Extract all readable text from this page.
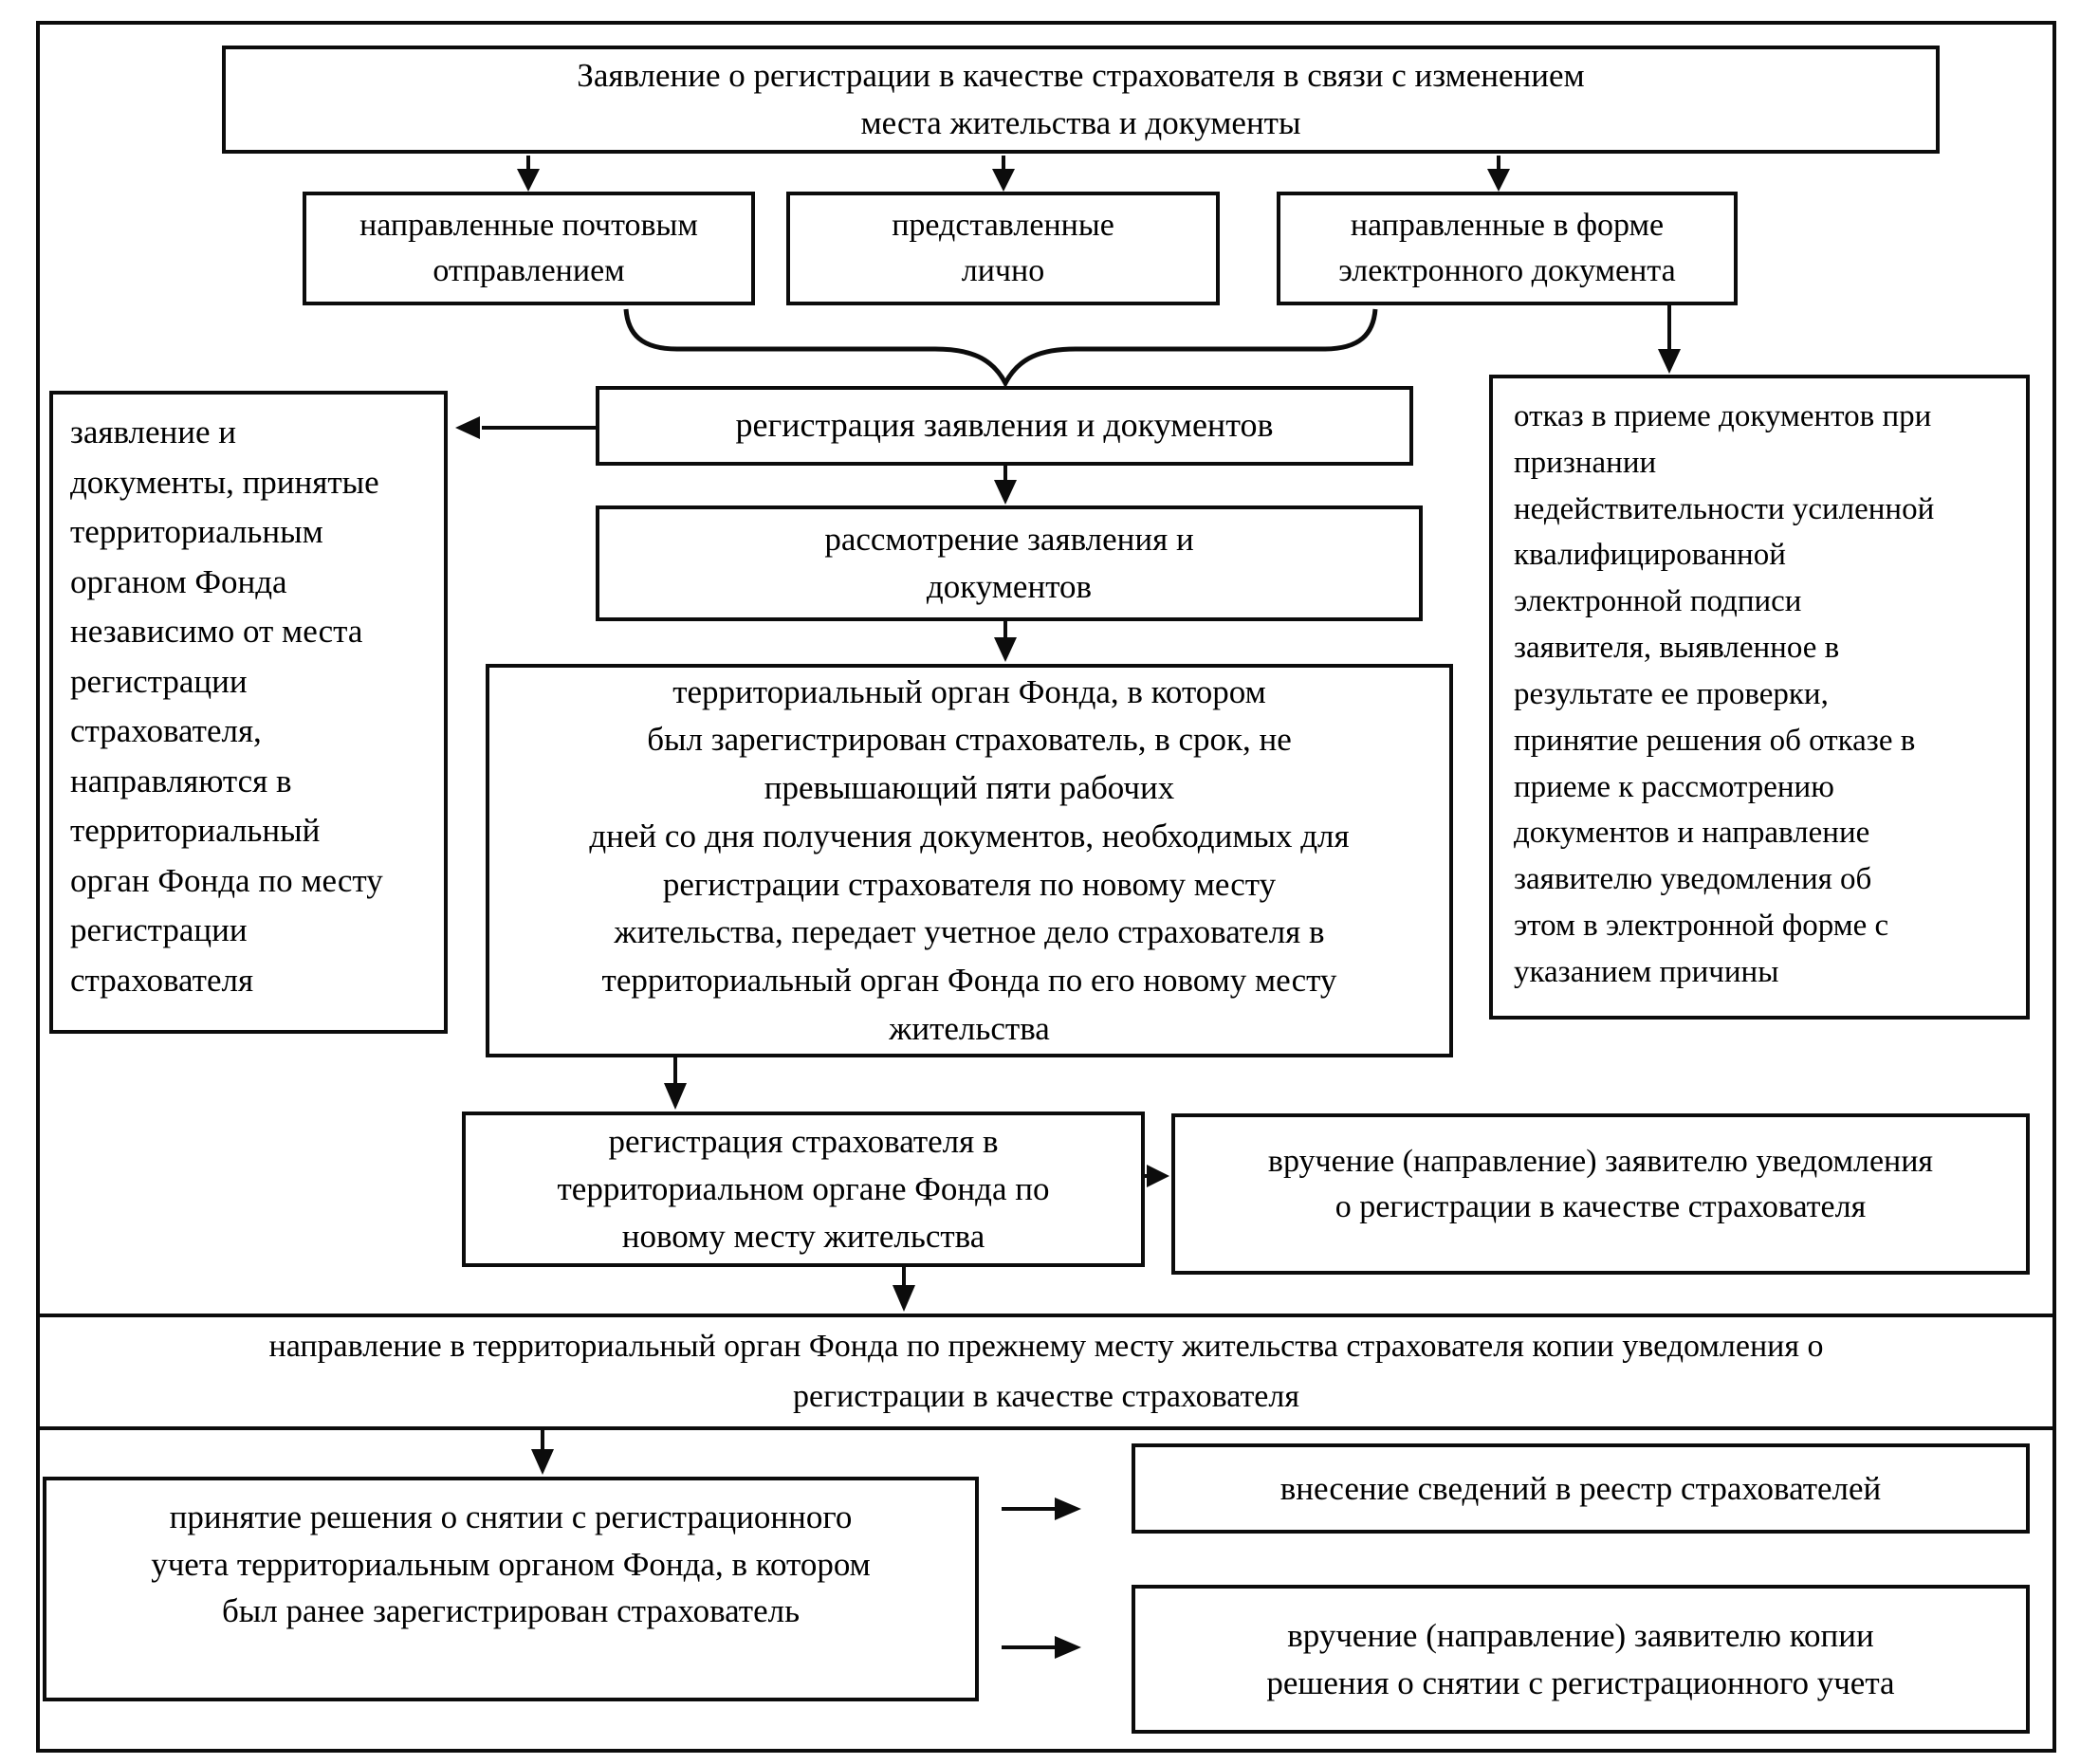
Заявление о регистрации в качестве страхователя в связи с изменением
места жительства и документы
направленные почтовым
отправлением
представленные
лично
направленные в форме
электронного документа
заявление и
документы, принятые
территориальным
органом Фонда
независимо от места
регистрации
страхователя,
направляются в
территориальный
орган Фонда по месту
регистрации
страхователя
отказ в приеме документов при
признании
недействительности усиленной
квалифицированной
электронной подписи
заявителя, выявленное в
результате ее проверки,
принятие решения об отказе в
приеме к рассмотрению
документов и направление
заявителю уведомления об
этом в электронной форме с
указанием причины
регистрация заявления и документов
рассмотрение заявления и
документов
территориальный орган Фонда, в котором
был зарегистрирован страхователь, в срок, не
превышающий пяти рабочих
дней со дня получения документов, необходимых для
регистрации страхователя по новому месту
жительства, передает учетное дело страхователя в
территориальный орган Фонда по его новому месту
жительства
регистрация страхователя в
территориальном органе Фонда по
новому месту жительства
вручение (направление) заявителю уведомления
о регистрации в качестве страхователя
направление в территориальный орган Фонда по прежнему месту жительства страхователя копии уведомления о
регистрации в качестве страхователя
принятие решения о снятии с регистрационного
учета территориальным органом Фонда, в котором
был ранее зарегистрирован страхователь
внесение сведений в реестр страхователей
вручение (направление) заявителю копии
решения о снятии с регистрационного учета
